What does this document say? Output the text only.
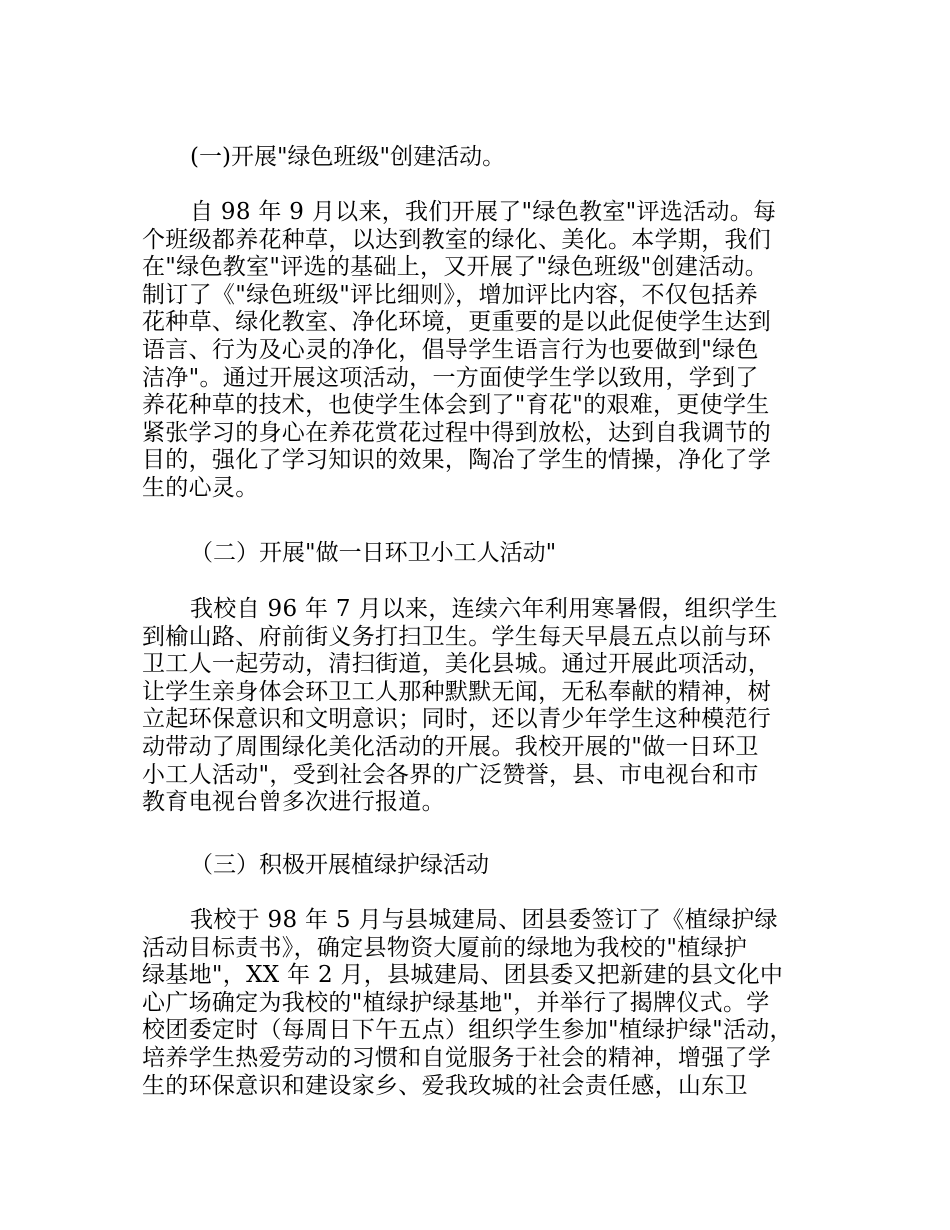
(一)开展"绿色班级"创建活动。
自 98 年 9 月以来，我们开展了"绿色教室"评选活动。每
个班级都养花种草，以达到教室的绿化、美化。本学期，我们
在"绿色教室"评选的基础上，又开展了"绿色班级"创建活动。
制订了《"绿色班级"评比细则》，增加评比内容，不仅包括养
花种草、绿化教室、净化环境，更重要的是以此促使学生达到
语言、行为及心灵的净化，倡导学生语言行为也要做到"绿色
洁净"。通过开展这项活动，一方面使学生学以致用，学到了
养花种草的技术，也使学生体会到了"育花"的艰难，更使学生
紧张学习的身心在养花赏花过程中得到放松，达到自我调节的
目的，强化了学习知识的效果，陶冶了学生的情操，净化了学
生的心灵。
（二）开展"做一日环卫小工人活动"
我校自 96 年 7 月以来，连续六年利用寒暑假，组织学生
到榆山路、府前街义务打扫卫生。学生每天早晨五点以前与环
卫工人一起劳动，清扫街道，美化县城。通过开展此项活动，
让学生亲身体会环卫工人那种默默无闻，无私奉献的精神，树
立起环保意识和文明意识；同时，还以青少年学生这种模范行
动带动了周围绿化美化活动的开展。我校开展的"做一日环卫
小工人活动"，受到社会各界的广泛赞誉，县、市电视台和市
教育电视台曾多次进行报道。
（三）积极开展植绿护绿活动
我校于 98 年 5 月与县城建局、团县委签订了《植绿护绿
活动目标责书》，确定县物资大厦前的绿地为我校的"植绿护
绿基地"，XX 年 2 月，县城建局、团县委又把新建的县文化中
心广场确定为我校的"植绿护绿基地"，并举行了揭牌仪式。学
校团委定时（每周日下午五点）组织学生参加"植绿护绿"活动，
培养学生热爱劳动的习惯和自觉服务于社会的精神，增强了学
生的环保意识和建设家乡、爱我玫城的社会责任感，山东卫
